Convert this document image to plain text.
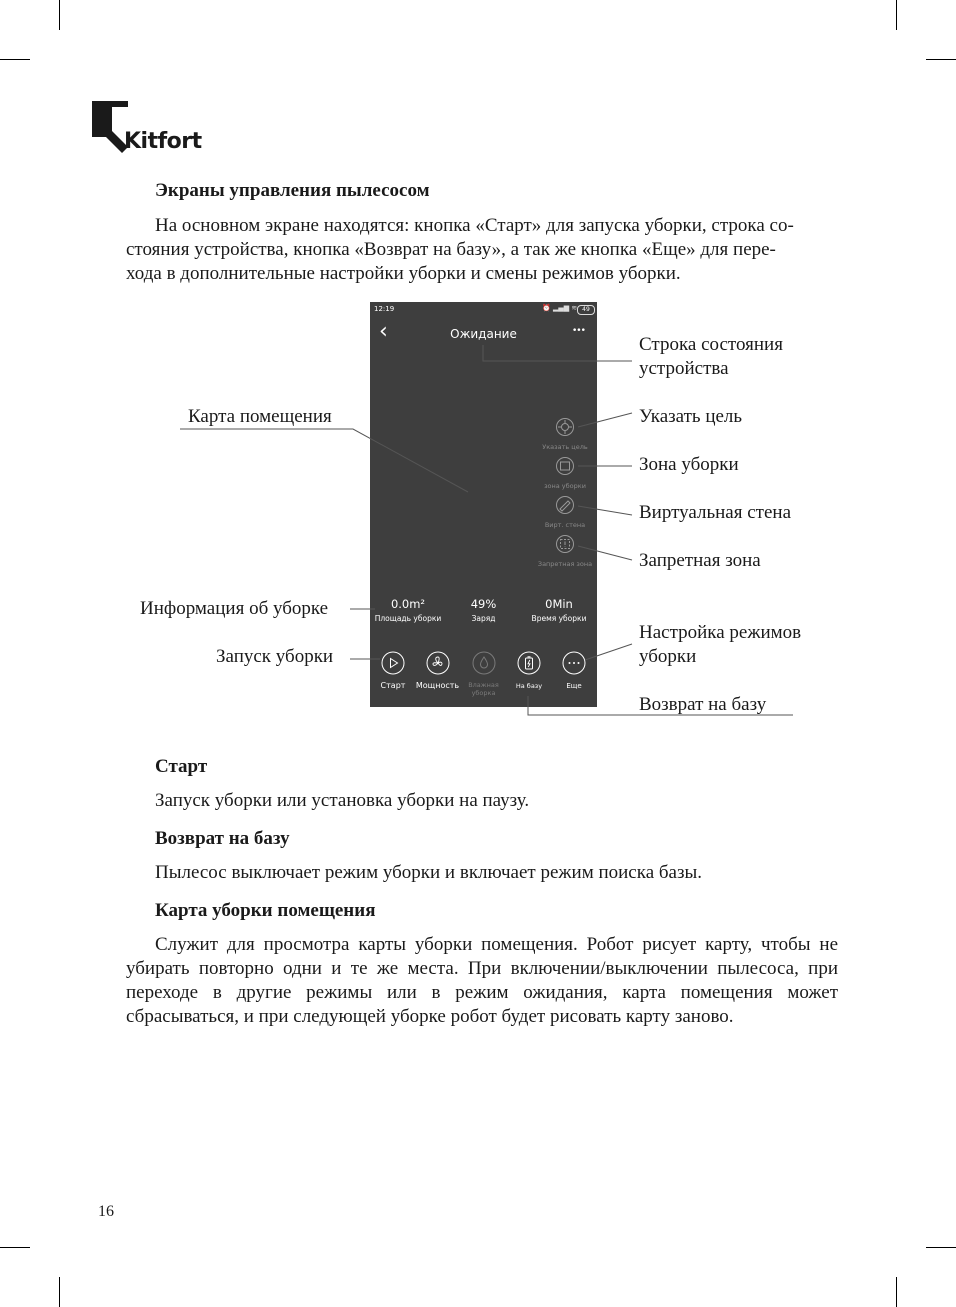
Kitfort
Экраны управления пылесосом
На основном экране находятся: кнопка «Старт» для запуска уборки, строка со-
стояния устройства, кнопка «Возврат на базу», а так же кнопка «Еще» для пере-
хода в дополнительные настройки уборки и смены режимов уборки.
12:19	⏰ ▂▄▆ ≋ 49
‹	Ожидание	•••
Указать цель
зона уборки
Вирт. стена
Запретная зона
0.0m²
Площадь уборки
49%
Заряд
0Min
Время уборки
Старт	Мощность	Влажная
уборка
На базу	Еще
Строка состояния
устройства
Указать цель
Зона уборки
Виртуальная стена
Запретная зона
Карта помещения
Информация об уборке
Запуск уборки
Настройка режимов
уборки
Возврат на базу
Старт
Запуск уборки или установка уборки на паузу.
Возврат на базу
Пылесос выключает режим уборки и включает режим поиска базы.
Карта уборки помещения

Служит для просмотра карты уборки помещения. Робот рисует карту, чтобы не убирать повторно одни и те же места. При включении/выключении пылесоса, при переходе в другие режимы или в режим ожидания, карта помещения может сбрасываться, и при следующей уборке робот будет рисовать карту заново.

16
